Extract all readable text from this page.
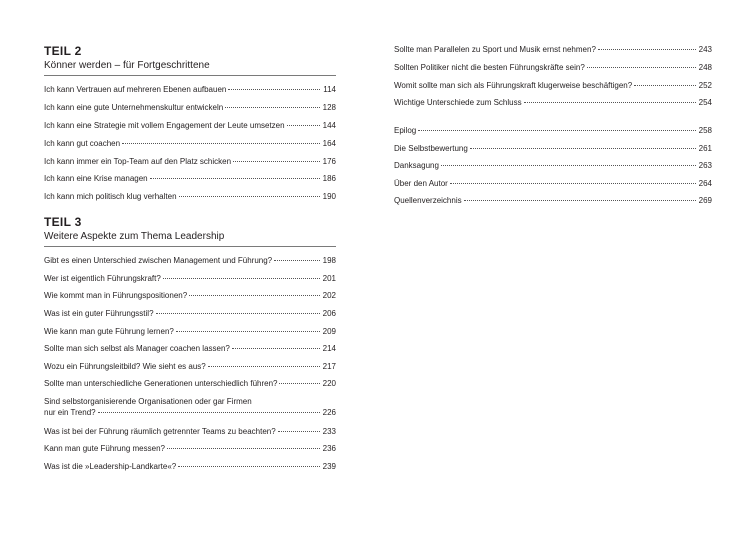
TEIL 2
Könner werden – für Fortgeschrittene
Ich kann Vertrauen auf mehreren Ebenen aufbauen	114
Ich kann eine gute Unternehmenskultur entwickeln	128
Ich kann eine Strategie mit vollem Engagement der Leute umsetzen	144
Ich kann gut coachen	164
Ich kann immer ein Top-Team auf den Platz schicken	176
Ich kann eine Krise managen	186
Ich kann mich politisch klug verhalten	190
TEIL 3
Weitere Aspekte zum Thema Leadership
Gibt es einen Unterschied zwischen Management und Führung?	198
Wer ist eigentlich Führungskraft?	201
Wie kommt man in Führungspositionen?	202
Was ist ein guter Führungsstil?	206
Wie kann man gute Führung lernen?	209
Sollte man sich selbst als Manager coachen lassen?	214
Wozu ein Führungsleitbild? Wie sieht es aus?	217
Sollte man unterschiedliche Generationen unterschiedlich führen?	220
Sind selbstorganisierende Organisationen oder gar Firmen
nur ein Trend?	226
Was ist bei der Führung räumlich getrennter Teams zu beachten?	233
Kann man gute Führung messen?	236
Was ist die »Leadership-Landkarte«?	239
Sollte man Parallelen zu Sport und Musik ernst nehmen?	243
Sollten Politiker nicht die besten Führungskräfte sein?	248
Womit sollte man sich als Führungskraft klugerweise beschäftigen?	252
Wichtige Unterschiede zum Schluss	254
Epilog	258
Die Selbstbewertung	261
Danksagung	263
Über den Autor	264
Quellenverzeichnis	269
